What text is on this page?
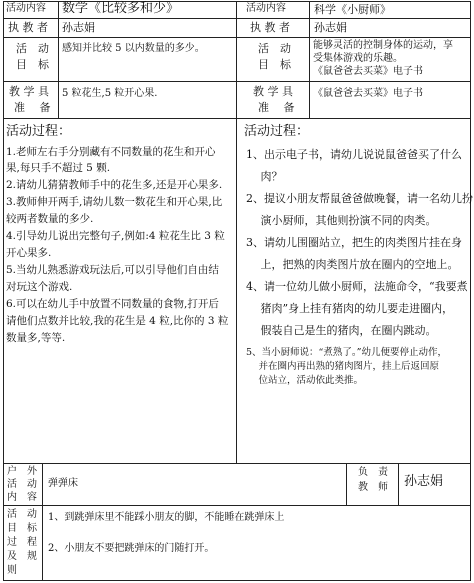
活动内容 数学《比较多和少》
执 教 者 孙志娟
活　动
目　标
感知并比较 5 以内数量的多少。
教 学 具
准　 备
5 粒花生,5 粒开心果.
活动过程：
1.老师左右手分别藏有不同数量的花生和开心
果,每只手不超过 5 颗.
2.请幼儿猜猜教师手中的花生多,还是开心果多.
3.教师伸开两手,请幼儿数一数花生和开心果,比
较两者数量的多少.
4.引导幼儿说出完整句子,例如:4 粒花生比 3 粒
开心果多.
5.当幼儿熟悉游戏玩法后,可以引导他们自由结
对玩这个游戏.
6.可以在幼儿手中放置不同数量的食物,打开后
请他们点数并比较,我的花生是 4 粒,比你的 3 粒
数量多,等等.
活动内容	科学《小厨师》
执 教 者 孙志娟
活　动
目　标
能够灵活的控制身体的运动，享
受集体游戏的乐趣。
《鼠爸爸去买菜》电子书
教 学 具
准　 备
《鼠爸爸去买菜》电子书
活动过程：
1、出示电子书，请幼儿说说鼠爸爸买了什么
　 肉？
2、提议小朋友帮鼠爸爸做晚餐，请一名幼儿扮
　 演小厨师，其他则扮演不同的肉类。
3、请幼儿围圈站立，把生的肉类图片挂在身
　 上，把熟的肉类图片放在圈内的空地上。
4、请一位幼儿做小厨师，法施命令，“我要煮
　 猪肉”身上挂有猪肉的幼儿要走进圈内，
　 假装自己是生的猪肉，在圈内跳动。
5、当小厨师说：“煮熟了。”幼儿便要停止动作，
　 并在圈内再出熟的猪肉图片，挂上后返回原
　 位站立，活动依此类推。
户　外
活　动
内　容
弹弹床
负　责
教　师 孙志娟
活　动
目　标
过　程
及　规
则
1、到跳弹床里不能踩小朋友的脚，不能睡在跳弹床上
2、小朋友不要把跳弹床的门随打开。
